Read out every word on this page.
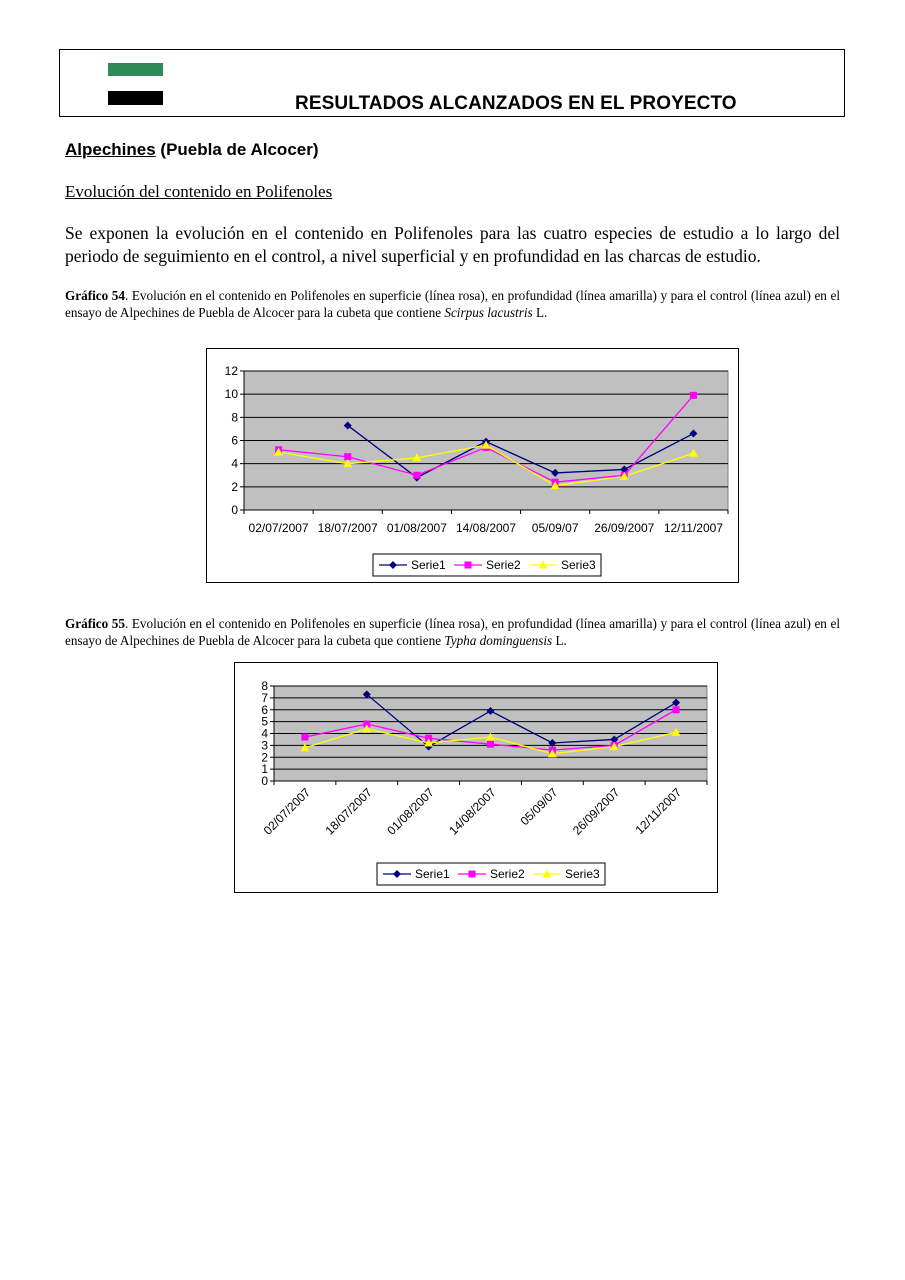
RESULTADOS ALCANZADOS EN EL PROYECTO
Alpechines (Puebla de Alcocer)
Evolución del contenido en Polifenoles
Se exponen la evolución en el contenido en Polifenoles para las cuatro especies de estudio a lo largo del periodo de seguimiento en el control, a nivel superficial y en profundidad en las charcas de estudio.
Gráfico 54. Evolución en el contenido en Polifenoles en superficie (línea rosa), en profundidad (línea amarilla) y para el control (línea azul) en el ensayo de Alpechines de Puebla de Alcocer para la cubeta que contiene Scirpus lacustris L.
0
2
4
6
8
10
12
02/07/2007 18/07/2007 01/08/2007 14/08/2007 05/09/07 26/09/2007 12/11/2007
Serie1	Serie2	Serie3
Gráfico 55. Evolución en el contenido en Polifenoles en superficie (línea rosa), en profundidad (línea amarilla) y para el control (línea azul) en el ensayo de Alpechines de Puebla de Alcocer para la cubeta que contiene Typha dominguensis L.
0
1
2
3
4
5
6
7
8
02/07/2007 18/07/2007 01/08/2007 14/08/2007 05/09/07 26/09/2007 12/11/2007
Serie1	Serie2	Serie3
